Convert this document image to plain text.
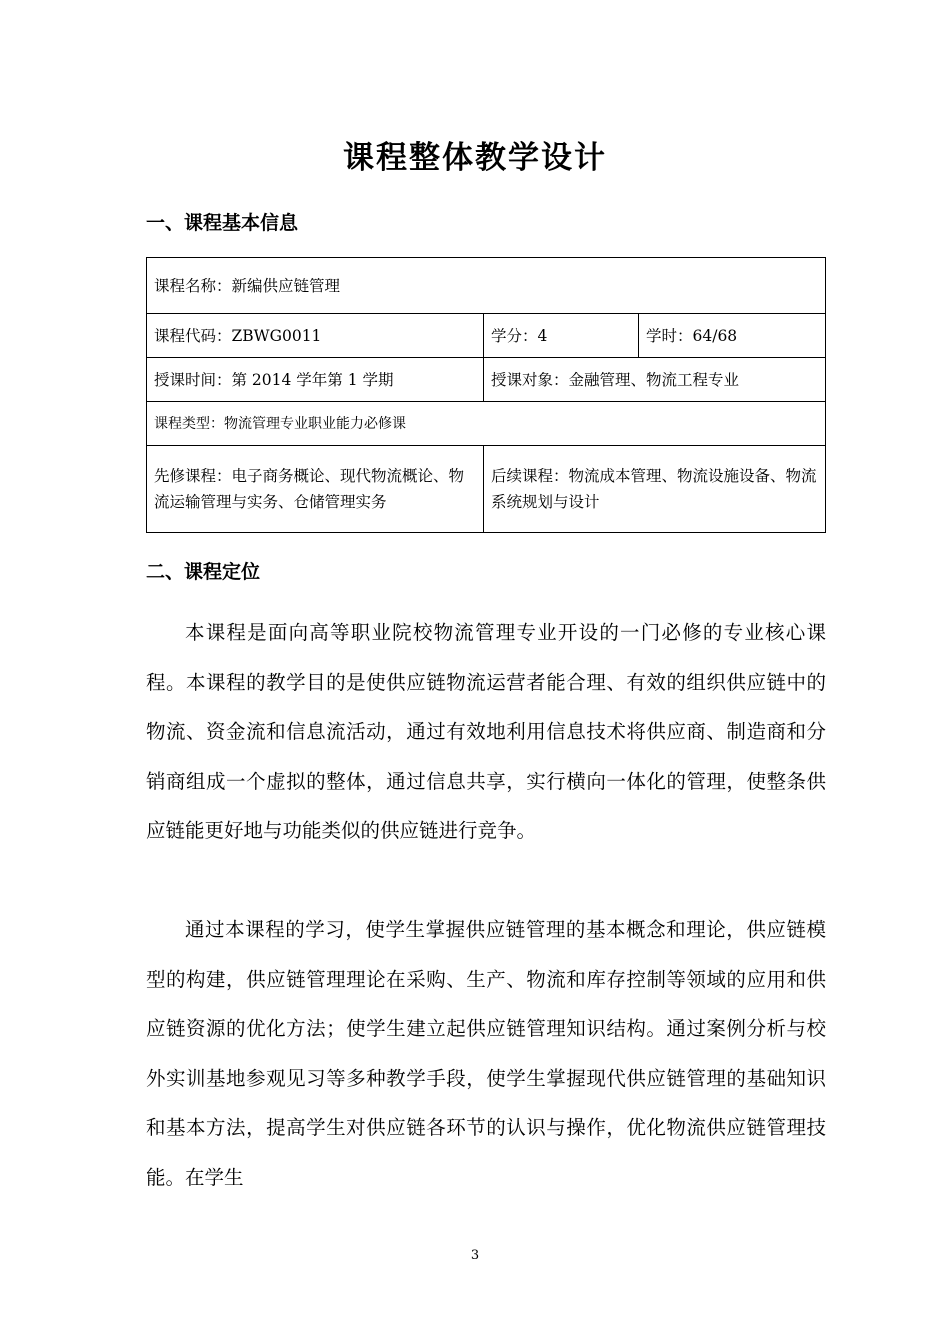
课程整体教学设计
一、课程基本信息
课程名称：新编供应链管理		
课程代码：ZBWG0011	学分：4	学时：64/68
授课时间：第 2014 学年第 1 学期	授课对象：金融管理、物流工程专业	
课程类型：物流管理专业职业能力必修课		
先修课程：电子商务概论、现代物流概论、物流运输管理与实务、仓储管理实务	后续课程：物流成本管理、物流设施设备、物流系统规划与设计	
二、课程定位

本课程是面向高等职业院校物流管理专业开设的一门必修的专业核心课程。本课程的教学目的是使供应链物流运营者能合理、有效的组织供应链中的物流、资金流和信息流活动，通过有效地利用信息技术将供应商、制造商和分销商组成一个虚拟的整体，通过信息共享，实行横向一体化的管理，使整条供应链能更好地与功能类似的供应链进行竞争。

通过本课程的学习，使学生掌握供应链管理的基本概念和理论，供应链模型的构建，供应链管理理论在采购、生产、物流和库存控制等领域的应用和供应链资源的优化方法；使学生建立起供应链管理知识结构。通过案例分析与校外实训基地参观见习等多种教学手段，使学生掌握现代供应链管理的基础知识和基本方法，提高学生对供应链各环节的认识与操作，优化物流供应链管理技能。在学生

3
